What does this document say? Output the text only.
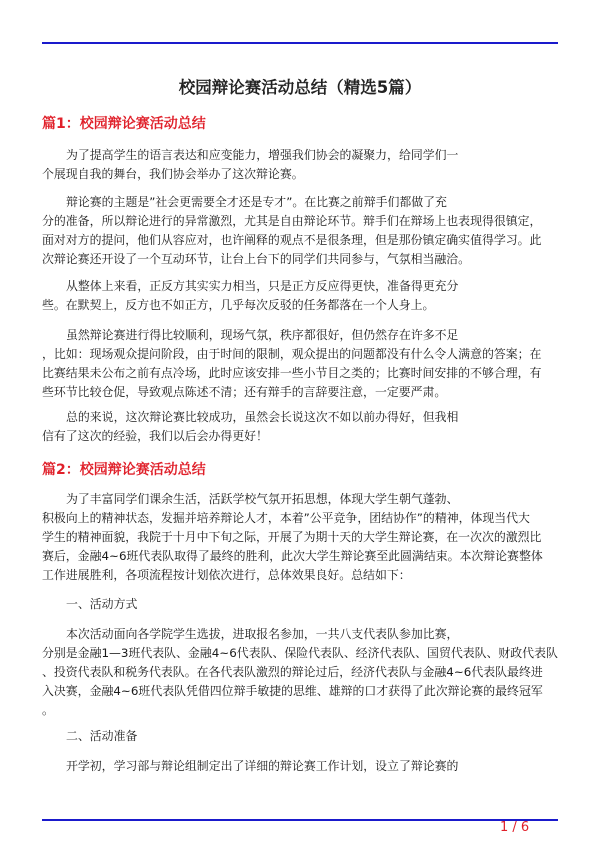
校园辩论赛活动总结（精选5篇）
篇1：校园辩论赛活动总结
为了提高学生的语言表达和应变能力，增强我们协会的凝聚力，给同学们一
个展现自我的舞台，我们协会举办了这次辩论赛。
辩论赛的主题是”社会更需要全才还是专才”。在比赛之前辩手们都做了充
分的准备，所以辩论进行的异常激烈，尤其是自由辩论环节。辩手们在辩场上也表现得很镇定，
面对对方的提问，他们从容应对，也许阐释的观点不是很条理，但是那份镇定确实值得学习。此
次辩论赛还开设了一个互动环节，让台上台下的同学们共同参与，气氛相当融洽。
从整体上来看，正反方其实实力相当，只是正方反应得更快，准备得更充分
些。在默契上，反方也不如正方，几乎每次反驳的任务都落在一个人身上。
虽然辩论赛进行得比较顺利，现场气氛，秩序都很好，但仍然存在许多不足
，比如：现场观众提问阶段，由于时间的限制，观众提出的问题都没有什么令人满意的答案；在
比赛结果未公布之前有点冷场，此时应该安排一些小节目之类的；比赛时间安排的不够合理，有
些环节比较仓促，导致观点陈述不清；还有辩手的言辞要注意，一定要严肃。
总的来说，这次辩论赛比较成功，虽然会长说这次不如以前办得好，但我相
信有了这次的经验，我们以后会办得更好！
篇2：校园辩论赛活动总结
为了丰富同学们课余生活，活跃学校气氛开拓思想，体现大学生朝气蓬勃、
积极向上的精神状态，发掘并培养辩论人才，本着”公平竞争，团结协作”的精神，体现当代大
学生的精神面貌，我院于十月中下旬之际，开展了为期十天的大学生辩论赛，在一次次的激烈比
赛后，金融4~6班代表队取得了最终的胜利，此次大学生辩论赛至此圆满结束。本次辩论赛整体
工作进展胜利，各项流程按计划依次进行，总体效果良好。总结如下：
一、活动方式
本次活动面向各学院学生选拔，进取报名参加，一共八支代表队参加比赛，
分别是金融1—3班代表队、金融4~6代表队、保险代表队、经济代表队、国贸代表队、财政代表队
、投资代表队和税务代表队。在各代表队激烈的辩论过后，经济代表队与金融4~6代表队最终进
入决赛，金融4~6班代表队凭借四位辩手敏捷的思维、雄辩的口才获得了此次辩论赛的最终冠军
。
二、活动准备
开学初，学习部与辩论组制定出了详细的辩论赛工作计划，设立了辩论赛的
1 / 6
